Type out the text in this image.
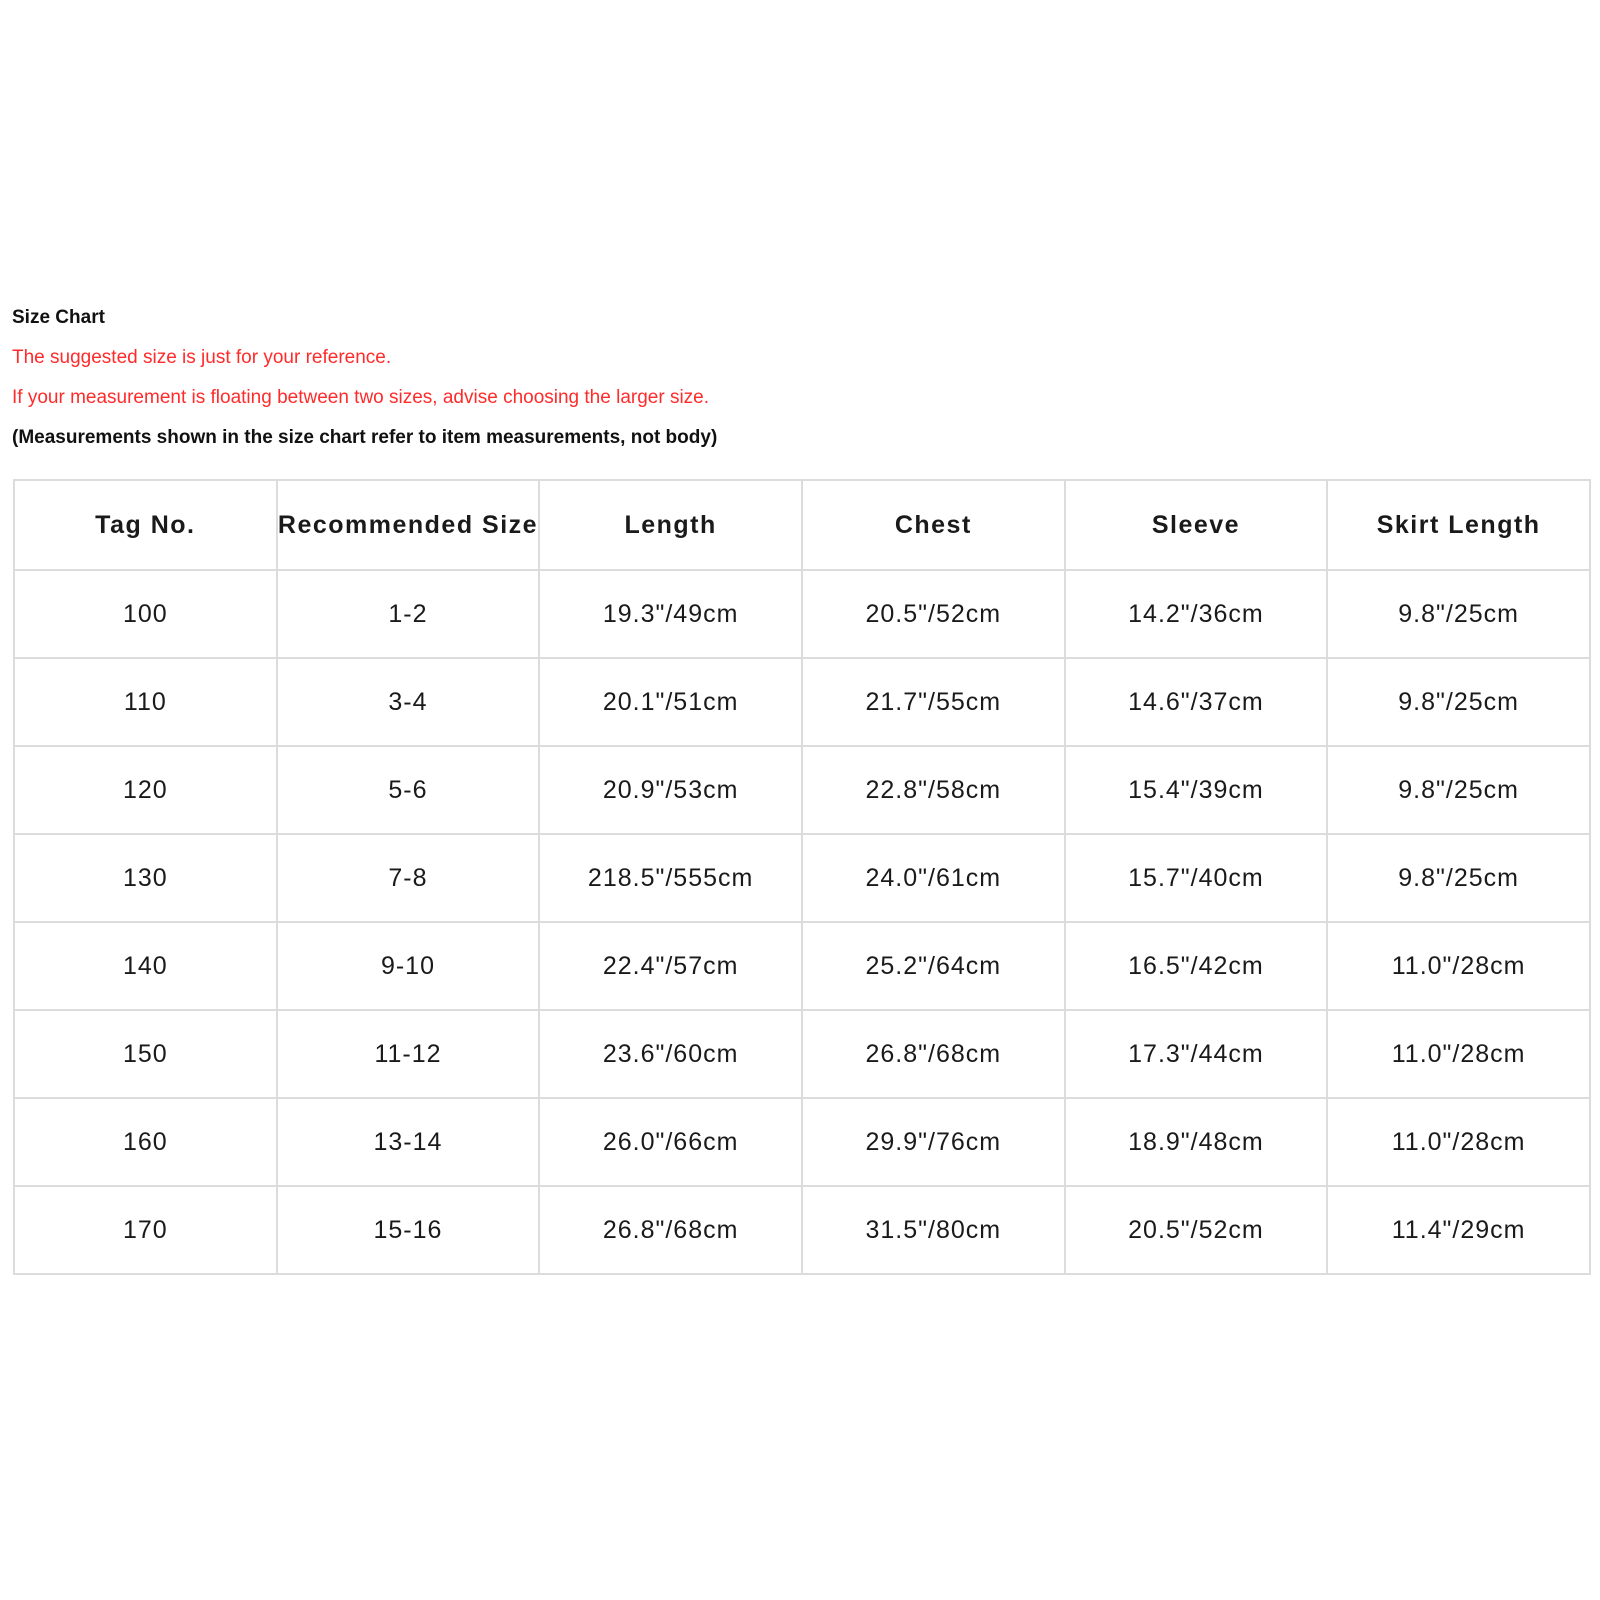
Size Chart
The suggested size is just for your reference.
If your measurement is floating between two sizes, advise choosing the larger size.
(Measurements shown in the size chart refer to item measurements, not body)
Tag No.	Recommended Size	Length	Chest	Sleeve	Skirt Length
100	1-2	19.3"/49cm	20.5"/52cm	14.2"/36cm	9.8"/25cm
110	3-4	20.1"/51cm	21.7"/55cm	14.6"/37cm	9.8"/25cm
120	5-6	20.9"/53cm	22.8"/58cm	15.4"/39cm	9.8"/25cm
130	7-8	218.5"/555cm	24.0"/61cm	15.7"/40cm	9.8"/25cm
140	9-10	22.4"/57cm	25.2"/64cm	16.5"/42cm	11.0"/28cm
150	11-12	23.6"/60cm	26.8"/68cm	17.3"/44cm	11.0"/28cm
160	13-14	26.0"/66cm	29.9"/76cm	18.9"/48cm	11.0"/28cm
170	15-16	26.8"/68cm	31.5"/80cm	20.5"/52cm	11.4"/29cm
